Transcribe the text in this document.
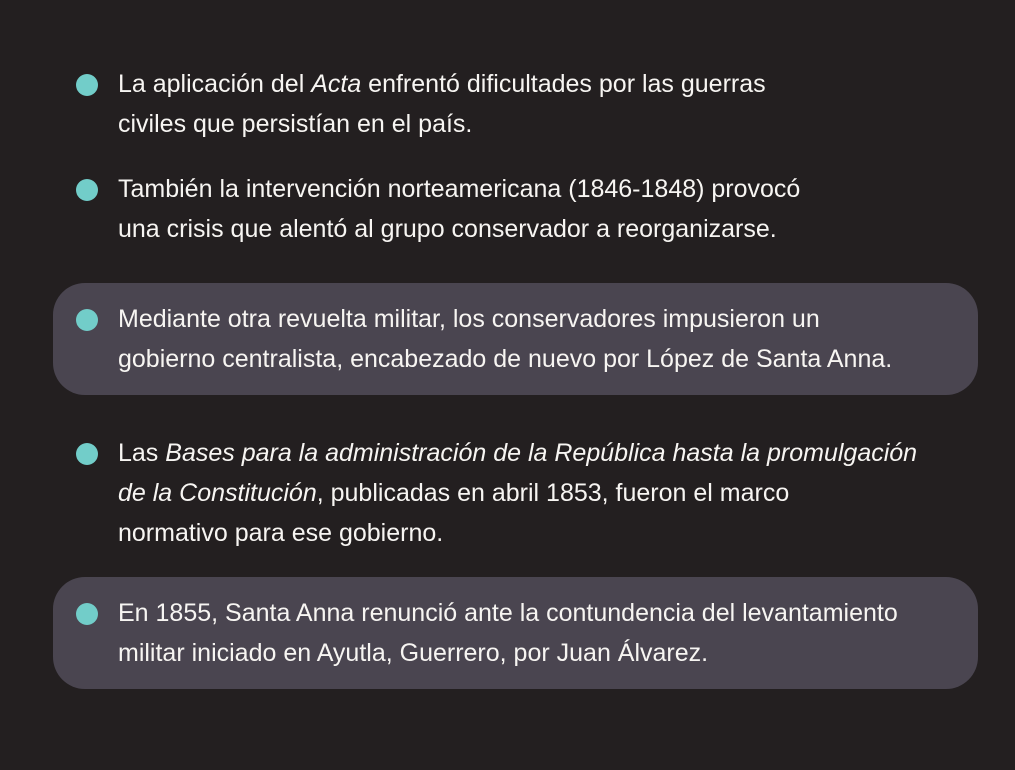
La aplicación del Acta enfrentó dificultades por las guerras
civiles que persistían en el país.
También la intervención norteamericana (1846-1848) provocó
una crisis que alentó al grupo conservador a reorganizarse.
Mediante otra revuelta militar, los conservadores impusieron un
gobierno centralista, encabezado de nuevo por López de Santa Anna.
Las Bases para la administración de la República hasta la promulgación
de la Constitución, publicadas en abril 1853, fueron el marco
normativo para ese gobierno.
En 1855, Santa Anna renunció ante la contundencia del levantamiento
militar iniciado en Ayutla, Guerrero, por Juan Álvarez.
